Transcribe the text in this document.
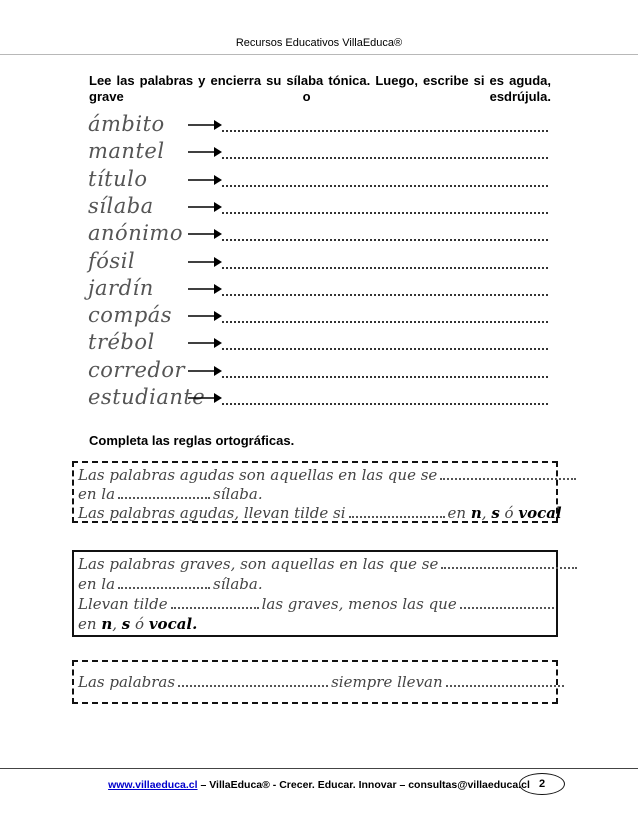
Recursos Educativos VillaEduca®
Lee las palabras y encierra su sílaba tónica. Luego, escribe si es aguda, grave o esdrújula.
ámbito
mantel
título
sílaba
anónimo
fósil
jardín
compás
trébol
corredor
estudiante
Completa las reglas ortográficas.
Las palabras agudas son aquellas en las que se
en la	sílaba.
Las palabras agudas, llevan tilde si	en n, s ó vocal
Las palabras graves, son aquellas en las que se
en la	sílaba.
Llevan tilde	las graves, menos las que
en n, s ó vocal.
Las palabras	siempre llevan
www.villaeduca.cl – VillaEduca® - Crecer. Educar. Innovar – consultas@villaeduca.cl 2
